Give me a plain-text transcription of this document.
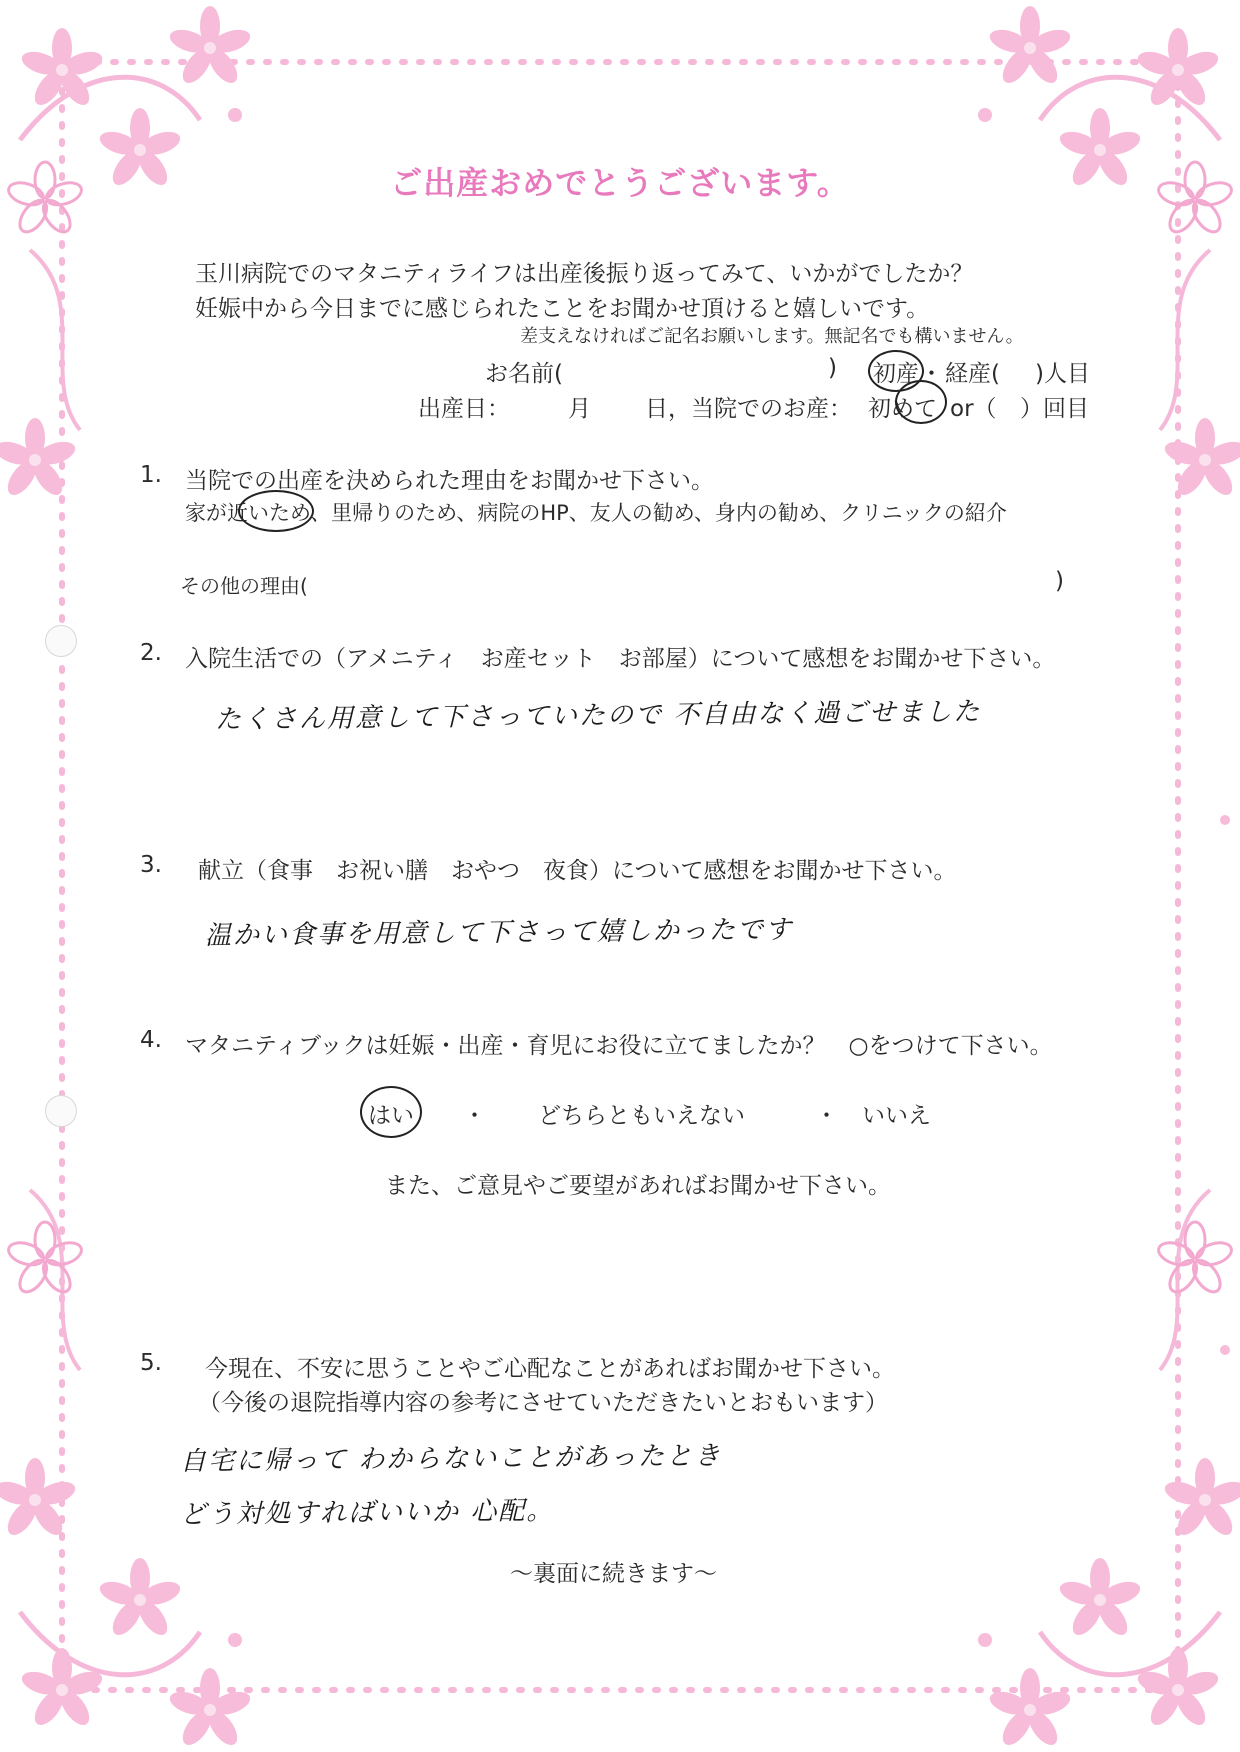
ご出産おめでとうございます。
玉川病院でのマタニティライフは出産後振り返ってみて、いかがでしたか？
妊娠中から今日までに感じられたことをお聞かせ頂けると嬉しいです。
差支えなければご記名お願いします。無記名でも構いません。
お名前(	) 初産 ・ 経産( )人目
出産日：	月 日，当院でのお産： 初めて or（ ）回目
1. 当院での出産を決められた理由をお聞かせ下さい。
家が近いため、里帰りのため、病院のHP、友人の勧め、身内の勧め、クリニックの紹介
その他の理由(	)
2. 入院生活での（アメニティ　お産セット　お部屋）について感想をお聞かせ下さい。
たくさん用意して下さっていたので 不自由なく過ごせました
3. 献立（食事　お祝い膳　おやつ　夜食）について感想をお聞かせ下さい。
温かい食事を用意して下さって嬉しかったです
4. マタニティブックは妊娠・出産・育児にお役に立てましたか？　○をつけて下さい。
はい ・ どちらともいえない	・ いいえ
また、ご意見やご要望があればお聞かせ下さい。
5. 今現在、不安に思うことやご心配なことがあればお聞かせ下さい。
（今後の退院指導内容の参考にさせていただきたいとおもいます）
自宅に帰って わからないことがあったとき
どう対処すればいいか 心配。
〜裏面に続きます〜
